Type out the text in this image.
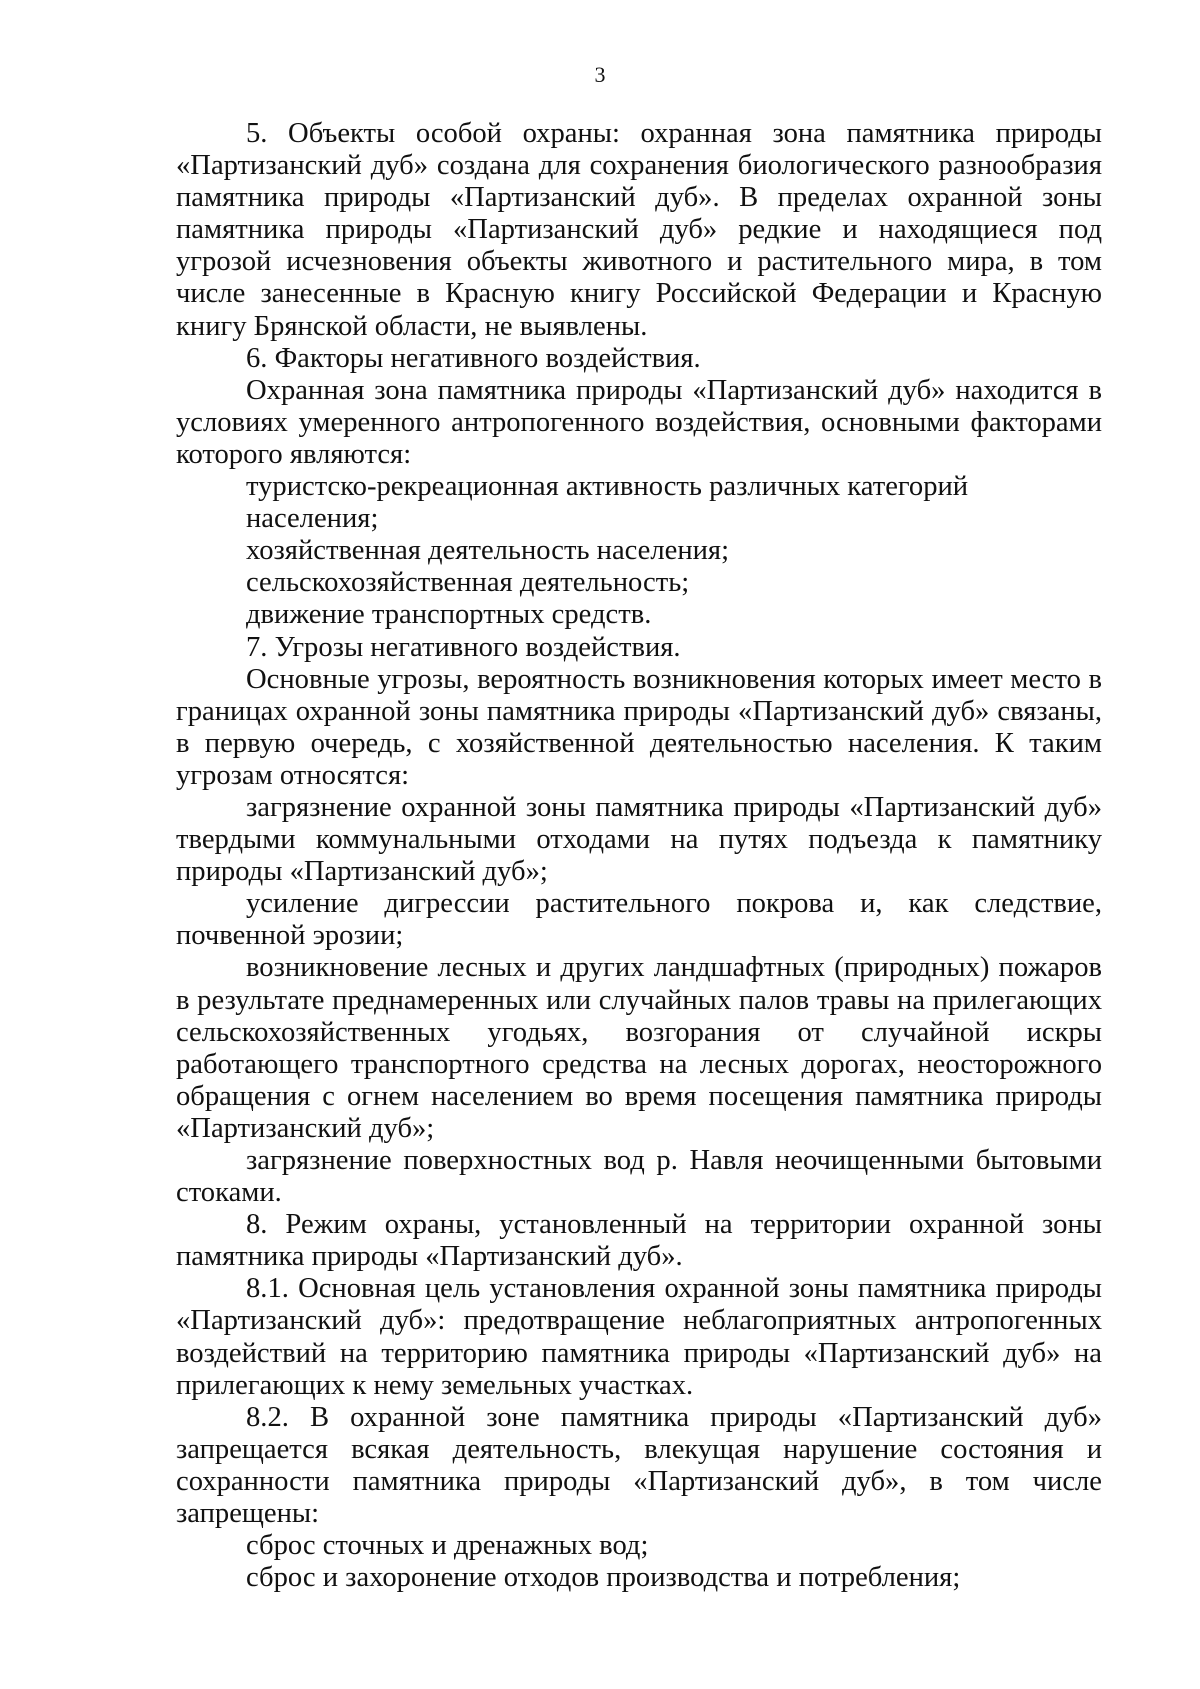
3

5. Объекты особой охраны: охранная зона памятника природы «Партизанский дуб» создана для сохранения биологического разнообразия памятника природы «Партизанский дуб». В пределах охранной зоны памятника природы «Партизанский дуб» редкие и находящиеся под угрозой исчезновения объекты животного и растительного мира, в том числе занесенные в Красную книгу Российской Федерации и Красную книгу Брянской области, не выявлены.

6. Факторы негативного воздействия.

Охранная зона памятника природы «Партизанский дуб» находится в условиях умеренного антропогенного воздействия, основными факторами которого являются:

туристско-рекреационная активность различных категорий населения;

хозяйственная деятельность населения;

сельскохозяйственная деятельность;

движение транспортных средств.

7. Угрозы негативного воздействия.

Основные угрозы, вероятность возникновения которых имеет место в границах охранной зоны памятника природы «Партизанский дуб» связаны, в первую очередь, с хозяйственной деятельностью населения. К таким угрозам относятся:

загрязнение охранной зоны памятника природы «Партизанский дуб» твердыми коммунальными отходами на путях подъезда к памятнику природы «Партизанский дуб»;

усиление дигрессии растительного покрова и, как следствие, почвенной эрозии;

возникновение лесных и других ландшафтных (природных) пожаров в результате преднамеренных или случайных палов травы на прилегающих сельскохозяйственных угодьях, возгорания от случайной искры работающего транспортного средства на лесных дорогах, неосторожного обращения с огнем населением во время посещения памятника природы «Партизанский дуб»;

загрязнение поверхностных вод р. Навля неочищенными бытовыми стоками.

8. Режим охраны, установленный на территории охранной зоны памятника природы «Партизанский дуб».

8.1. Основная цель установления охранной зоны памятника природы «Партизанский дуб»: предотвращение неблагоприятных антропогенных воздействий на территорию памятника природы «Партизанский дуб» на прилегающих к нему земельных участках.

8.2. В охранной зоне памятника природы «Партизанский дуб» запрещается всякая деятельность, влекущая нарушение состояния и сохранности памятника природы «Партизанский дуб», в том числе запрещены:

сброс сточных и дренажных вод;

сброс и захоронение отходов производства и потребления;
